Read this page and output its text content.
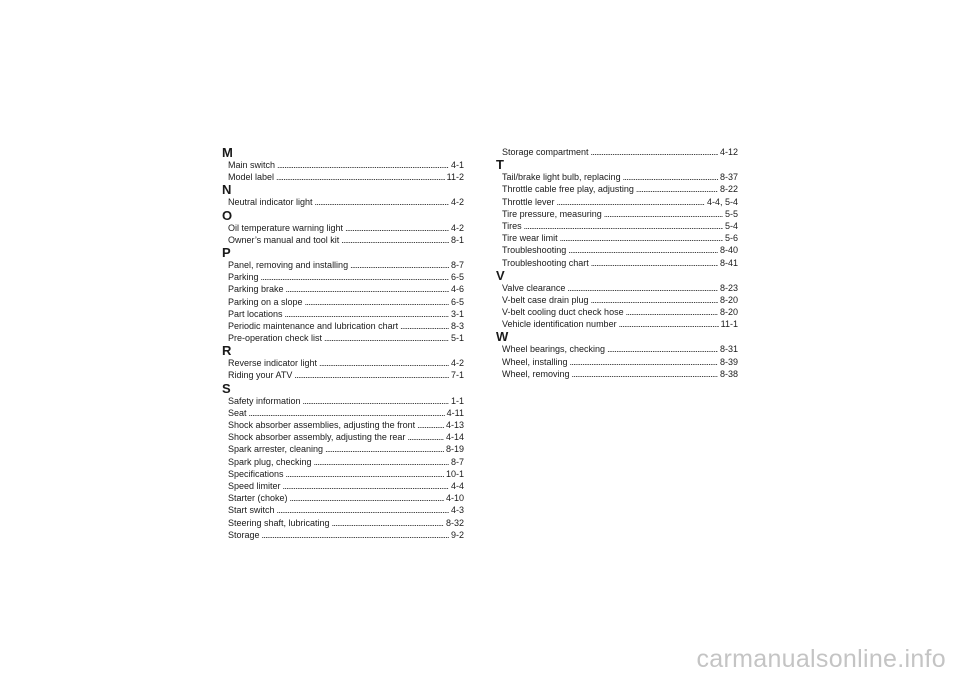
M
Main switch . . .	4-1
Model label . . .	11-2
N
Neutral indicator light . . .	4-2
O
Oil temperature warning light . . .	4-2
Owner’s manual and tool kit . . .	8-1
P
Panel, removing and installing . . .	8-7
Parking . . .	6-5
Parking brake . . .	4-6
Parking on a slope . . .	6-5
Part locations . . .	3-1
Periodic maintenance and lubrication chart . . .	8-3
Pre-operation check list . . .	5-1
R
Reverse indicator light . . .	4-2
Riding your ATV . . .	7-1
S
Safety information . . .	1-1
Seat . . .	4-11
Shock absorber assemblies, adjusting the front . . .	4-13
Shock absorber assembly, adjusting the rear . . .	4-14
Spark arrester, cleaning . . .	8-19
Spark plug, checking . . .	8-7
Specifications . . .	10-1
Speed limiter . . .	4-4
Starter (choke) . . .	4-10
Start switch . . .	4-3
Steering shaft, lubricating . . .	8-32
Storage . . .	9-2
Storage compartment . . .	4-12
T
Tail/brake light bulb, replacing . . .	8-37
Throttle cable free play, adjusting . . .	8-22
Throttle lever . . .	4-4, 5-4
Tire pressure, measuring . . .	5-5
Tires . . .	5-4
Tire wear limit . . .	5-6
Troubleshooting . . .	8-40
Troubleshooting chart . . .	8-41
V
Valve clearance . . .	8-23
V-belt case drain plug . . .	8-20
V-belt cooling duct check hose . . .	8-20
Vehicle identification number . . .	11-1
W
Wheel bearings, checking . . .	8-31
Wheel, installing . . .	8-39
Wheel, removing . . .	8-38
carmanualsonline.info
